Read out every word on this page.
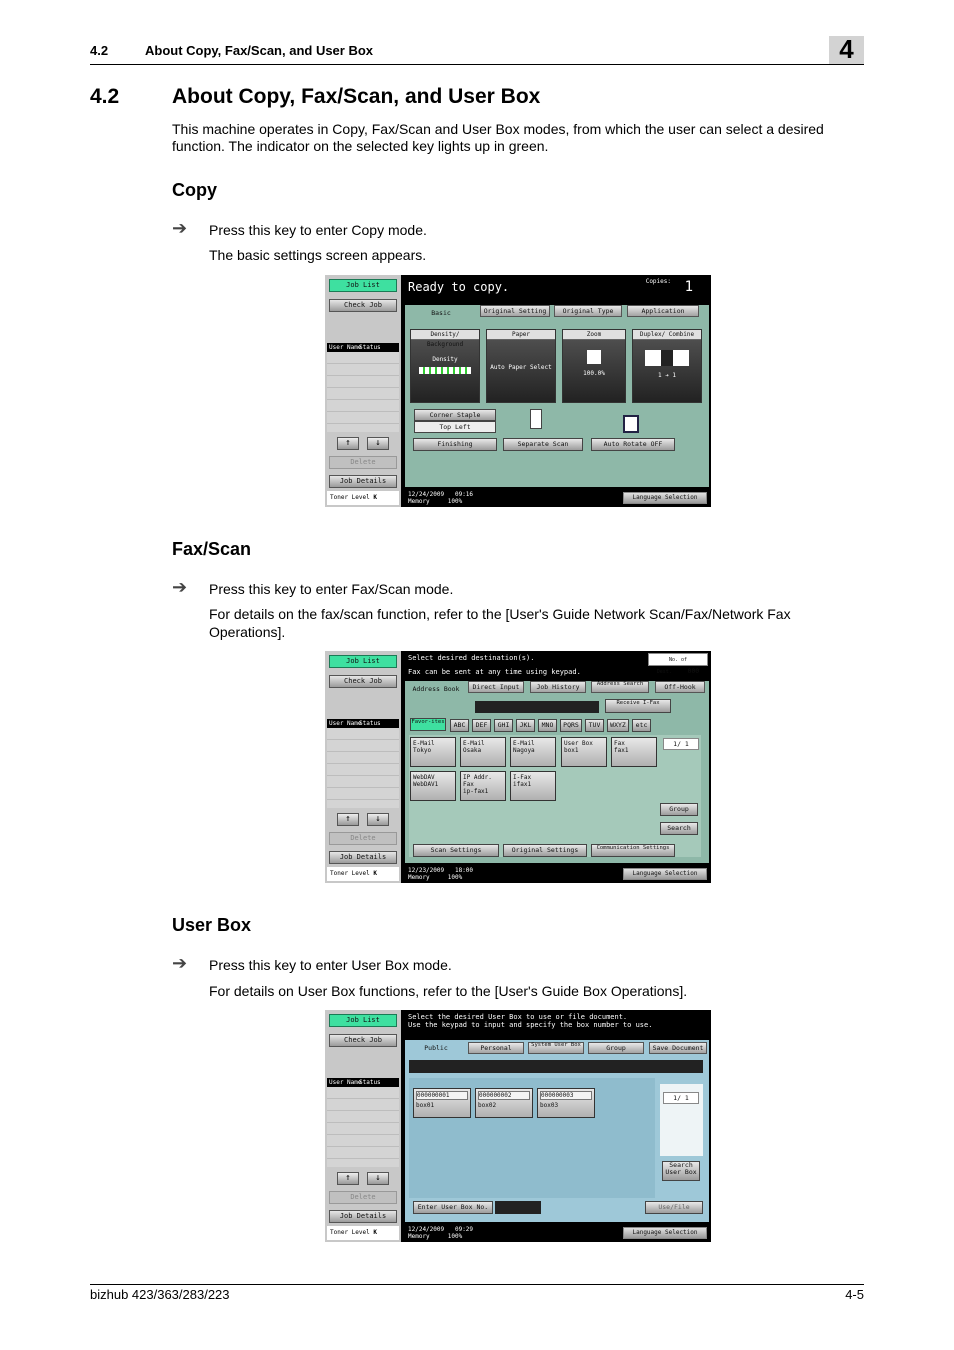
4.2	About Copy, Fax/Scan, and User Box	4
4.2	About Copy, Fax/Scan, and User Box

This machine operates in Copy, Fax/Scan and User Box modes, from which the user can select a desired function. The indicator on the selected key lights up in green.

Copy
➔ Press this key to enter Copy mode.
The basic settings screen appears.
Job List
Check Job
User Name
Status
↑	↓
Delete
Job Details
Toner Level K
Ready to copy.	Copies: 1
Density/ Background
Density
Paper
Auto Paper Select
Zoom
100.0%
Duplex/ Combine
1 ➔ 1
Corner Staple
Top Left
Finishing	Separate Scan	Auto Rotate OFF
Basic	Original Setting	Original Type	Application
12/24/2009 09:16
Memory	100%
Language Selection
Fax/Scan
➔ Press this key to enter Fax/Scan mode.
For details on the fax/scan function, refer to the [User's Guide Network Scan/Fax/Network Fax Operations].
Job List
Check Job
User Name
Status
↑	↓
Delete
Job Details
Toner Level K
Select desired destination(s).
Fax can be sent at any time using keypad.
No. of Dest. 000
Receive I-Fax
Favor-ites	ABC	DEF	GHI	JKL	MNO	PQRS	TUV	WXYZ	etc
E-Mail
Tokyo
E-Mail
Osaka
E-Mail
Nagoya
User Box
box1
Fax
fax1
WebDAV
WebDAV1
IP Addr. Fax
ip-fax1
I-Fax
ifax1
1/ 1
Group
Search
Scan Settings	Original Settings	Communication Settings
Address Book	Direct Input	Job History	Address Search	Off-Hook
12/23/2009 18:00
Memory	100%
Language Selection
User Box
➔ Press this key to enter User Box mode.
For details on User Box functions, refer to the [User's Guide Box Operations].
Job List
Check Job
User Name
Status
↑	↓
Delete
Job Details
Toner Level K
Select the desired User Box to use or file document.
Use the keypad to input and specify the box number to use.
000000001
box01
000000002
box02
000000003
box03
1/ 1
Search User Box
Enter User Box No.	Use/File
Public	Personal	System User Box	Group	Save Document
12/24/2009 09:29
Memory	100%
Language Selection
bizhub 423/363/283/223	4-5
